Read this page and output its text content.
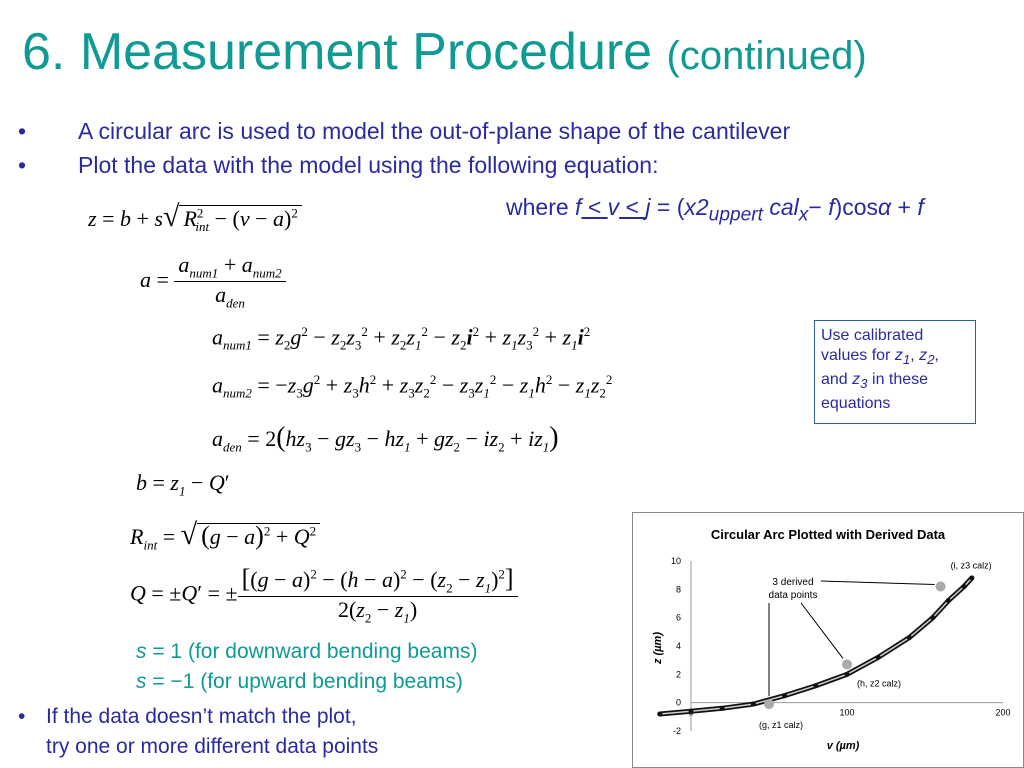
6. Measurement Procedure (continued)
• A circular arc is used to model the out-of-plane shape of the cantilever
• Plot the data with the model using the following equation:
where $f < v < j = (x2_{uppert}$ cal$_x$− f)cosα + f
z = b + s√ $R^2_{int} - (v - a)^2$
$a = \frac{a_{num1} + a_{num2}}{a_{den}}$
$a_{num1} = z_2g^2 - z_2z_3^2 + z_2z_1^2 - z_2i^2 + z_1z_3^2 + z_1i^2$
$a_{num2} = -z_3g^2 + z_3h^2 + z_3z_2^2 - z_3z_1^2 - z_1h^2 - z_1z_2^2$
$a_{den} = 2(hz_3 - gz_3 - hz_1 + gz_2 - iz_2 + iz_1)$
$b = z_1 - Q'$
$R_{int}$ = √ $(g - a)^2 + Q^2$
Q = ±Q′ = ± $\frac{[(g - a)^2 - (h - a)^2 - (z_2 - z_1)^2]}{2(z_2 - z_1)}$
Use calibrated values for $z_1$, $z_2$, and $z_3$ in these equations
s = 1 (for downward bending beams)
s = −1 (for upward bending beams)
• If the data doesn’t match the plot,
try one or more different data points
Circular Arc Plotted with Derived Data
-2
0
2
4
6
8
10
100	200
v (µm)
z (µm)
(g, z1 calz)
(h, z2 calz)
(i, z3 calz)
3 derived
data points
